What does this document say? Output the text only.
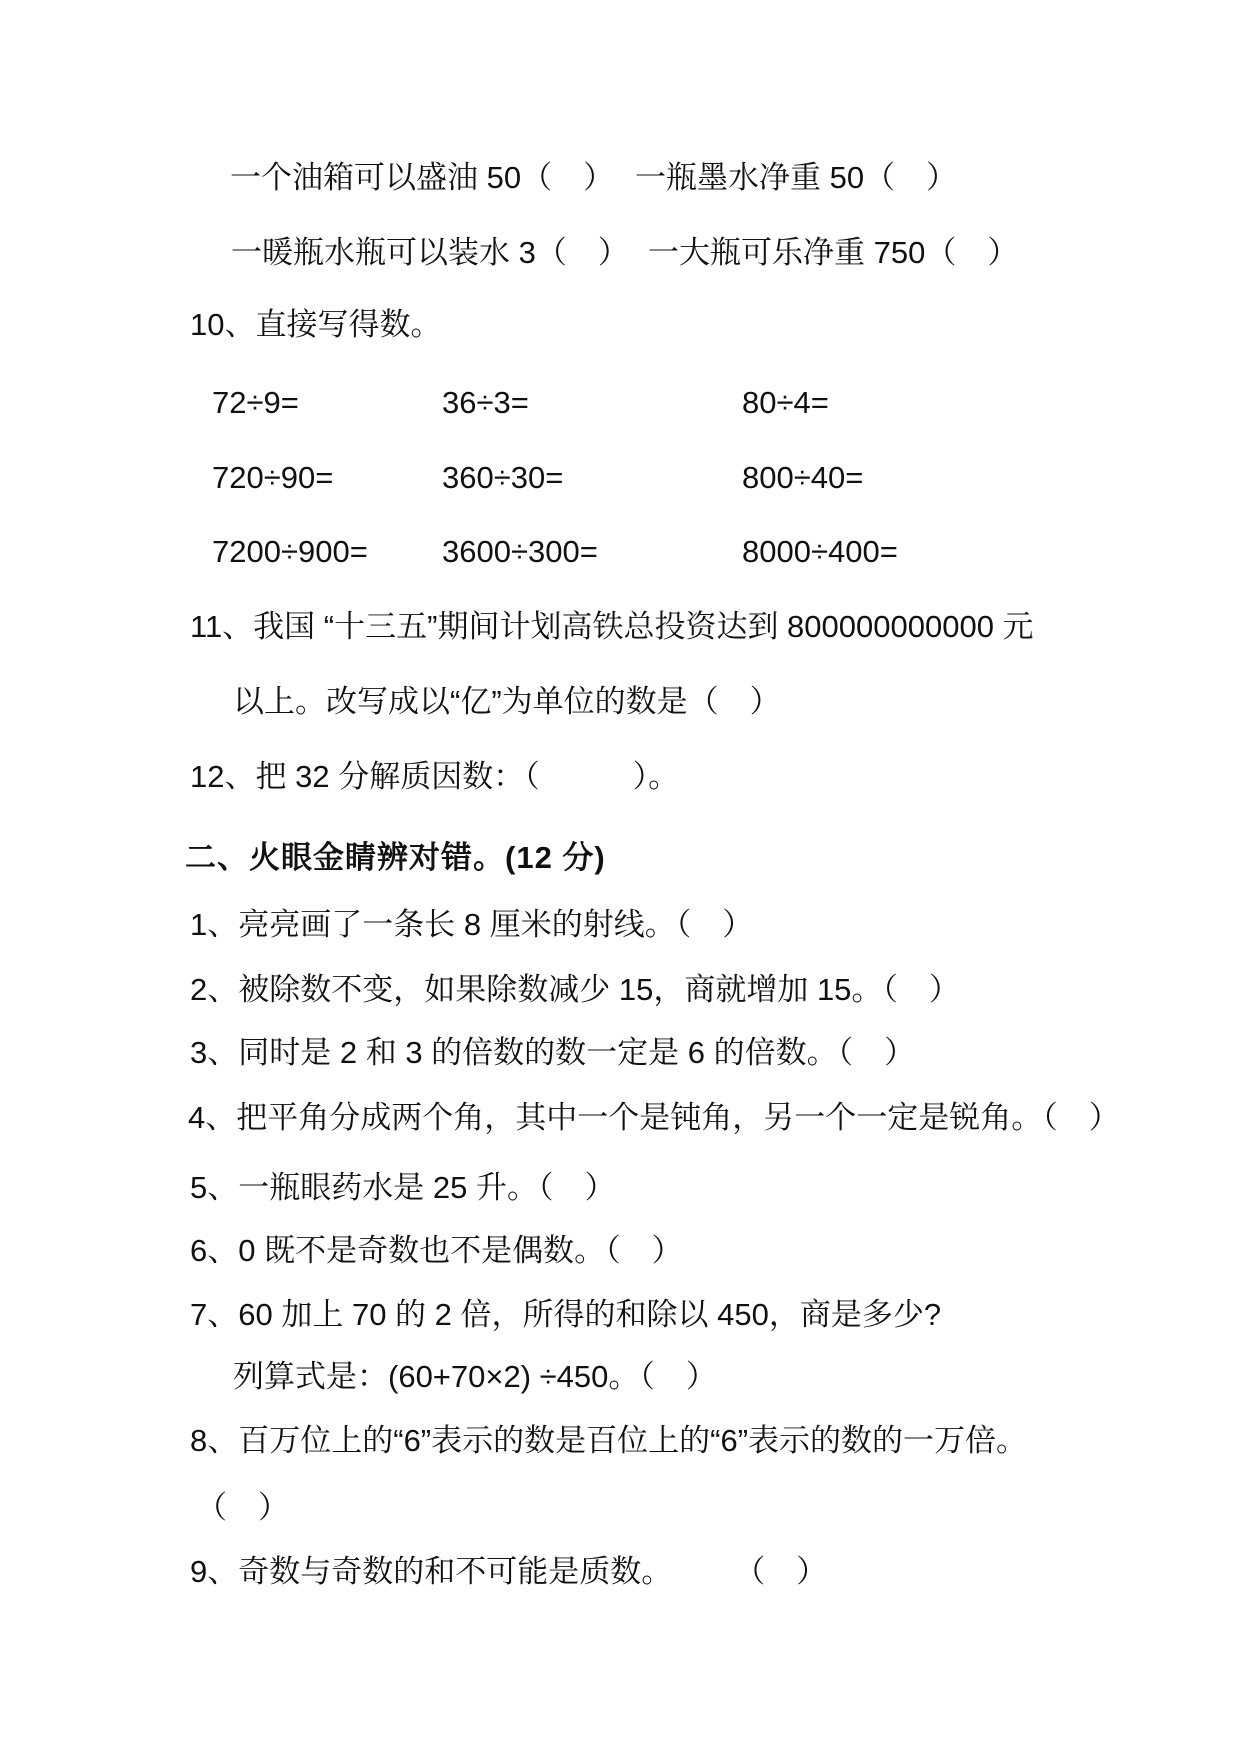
一个油箱可以盛油 50（　） 一瓶墨水净重 50（　）
一暖瓶水瓶可以装水 3（　） 一大瓶可乐净重 750（　）
10、直接写得数。
72÷9=	36÷3=	80÷4=
720÷90=	360÷30=	800÷40=
7200÷900= 3600÷300=	8000÷400=
11、我国 “十三五”期间计划高铁总投资达到 800000000000 元
以上。改写成以“亿”为单位的数是（　）
12、把 32 分解质因数：（　　　）。
二、火眼金睛辨对错。(12 分)
1、亮亮画了一条长 8 厘米的射线。（　）
2、被除数不变，如果除数减少 15，商就增加 15。（　）
3、同时是 2 和 3 的倍数的数一定是 6 的倍数。（　）
4、把平角分成两个角，其中一个是钝角，另一个一定是锐角。（　）
5、一瓶眼药水是 25 升。（　）
6、0 既不是奇数也不是偶数。（　）
7、60 加上 70 的 2 倍，所得的和除以 450，商是多少?
列算式是：(60+70×2) ÷450。（　）
8、百万位上的“6”表示的数是百位上的“6”表示的数的一万倍。
（　）
9、奇数与奇数的和不可能是质数。　　　（　）
